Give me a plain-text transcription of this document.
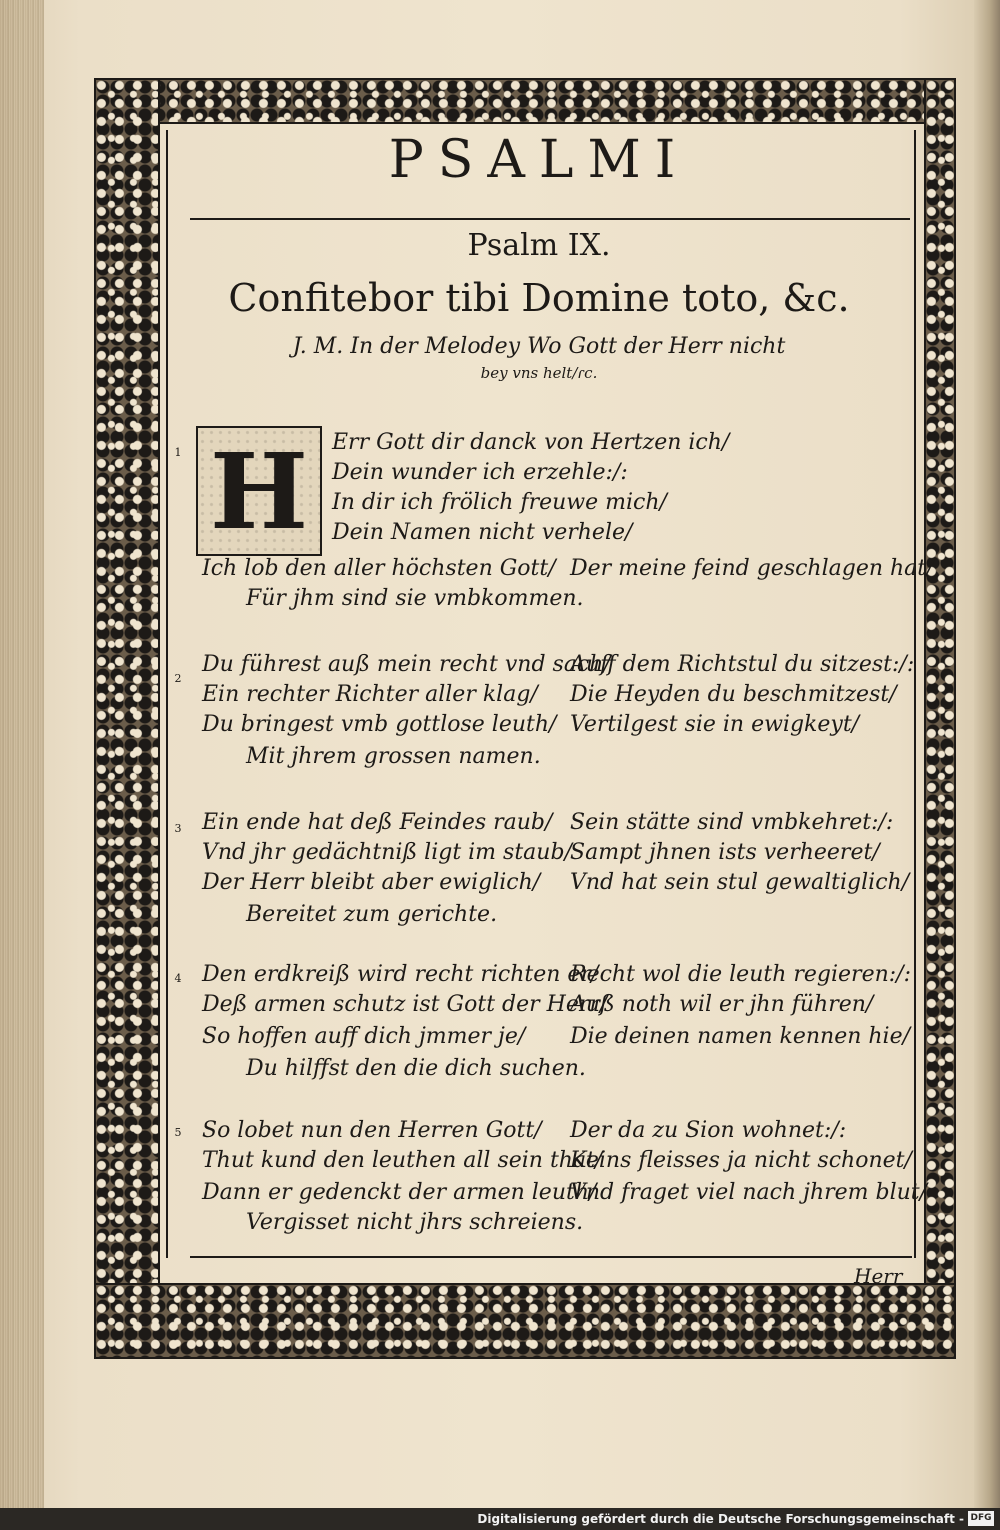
PSALMI
Psalm IX.
Confitebor tibi Domine toto, &c.
J. M. In der Melodey Wo Gott der Herr nicht
bey vns helt/ɾc.
H
1	Err Gott dir danck von Hertzen ich/
Dein wunder ich erzehle:/:
In dir ich frölich freuwe mich/
Dein Namen nicht verhele/
Ich lob den aller höchsten Gott/ Der meine feind geschlagen hat/
Für jhm sind sie vmbkommen.
2
Du führest auß mein recht vnd sach/
Auff dem Richtstul du sitzest:/:
Ein rechter Richter aller klag/ Die Heyden du beschmitzest/
Du bringest vmb gottlose leuth/ Vertilgest sie in ewigkeyt/
Mit jhrem grossen namen.
3 Ein ende hat deß Feindes raub/ Sein stätte sind vmbkehret:/:
Vnd jhr gedächtniß ligt im staub/
Sampt jhnen ists verheeret/
Der Herr bleibt aber ewiglich/ Vnd hat sein stul gewaltiglich/
Bereitet zum gerichte.
4 Den erdkreiß wird recht richten er/
Recht wol die leuth regieren:/:
Deß armen schutz ist Gott der Herr/
Auß noth wil er jhn führen/
So hoffen auff dich jmmer je/ Die deinen namen kennen hie/
Du hilffst den die dich suchen.
5 So lobet nun den Herren Gott/ Der da zu Sion wohnet:/:
Thut kund den leuthen all sein that/
Keins fleisses ja nicht schonet/
Dann er gedenckt der armen leuth/
Vnd fraget viel nach jhrem blut/
Vergisset nicht jhrs schreiens.
Herr
Digitalisierung gefördert durch die Deutsche Forschungsgemeinschaft - DFG
